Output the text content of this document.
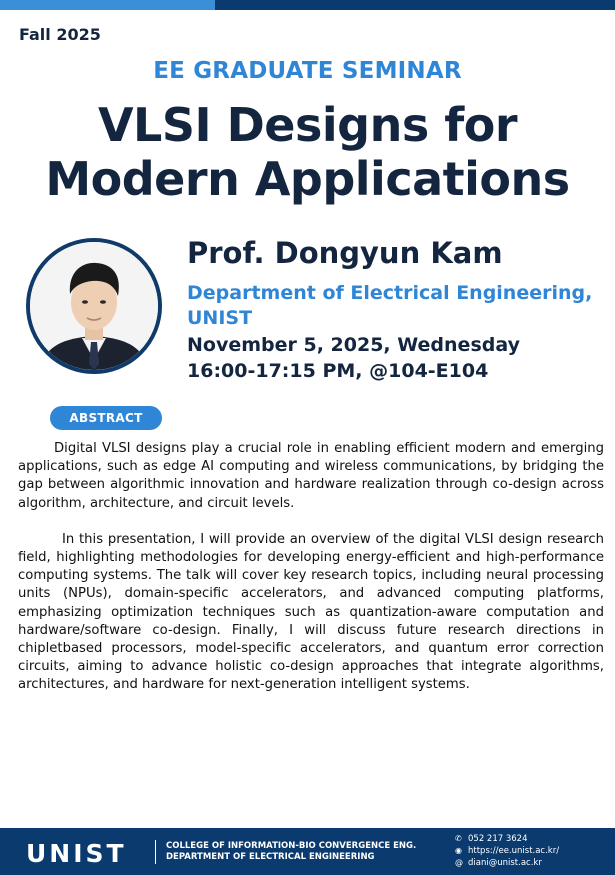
Fall 2025
EE GRADUATE SEMINAR
VLSI Designs for
Modern Applications
Prof. Dongyun Kam
Department of Electrical Engineering, UNIST
November 5, 2025, Wednesday
16:00-17:15 PM, @104-E104
ABSTRACT

Digital VLSI designs play a crucial role in enabling efficient modern and emerging applications, such as edge AI computing and wireless communications, by bridging the gap between algorithmic innovation and hardware realization through co-design across algorithm, architecture, and circuit levels.

In this presentation, I will provide an overview of the digital VLSI design research field, highlighting methodologies for developing energy-efficient and high-performance computing systems. The talk will cover key research topics, including neural processing units (NPUs), domain-specific accelerators, and advanced computing platforms, emphasizing optimization techniques such as quantization-aware computation and hardware/software co-design. Finally, I will discuss future research directions in chipletbased processors, model-specific accelerators, and quantum error correction circuits, aiming to advance holistic co-design approaches that integrate algorithms, architectures, and hardware for next-generation intelligent systems.

UNIST	COLLEGE OF INFORMATION-BIO CONVERGENCE ENG.
DEPARTMENT OF ELECTRICAL ENGINEERING
✆ 052 217 3624
◉ https://ee.unist.ac.kr/
@ diani@unist.ac.kr
